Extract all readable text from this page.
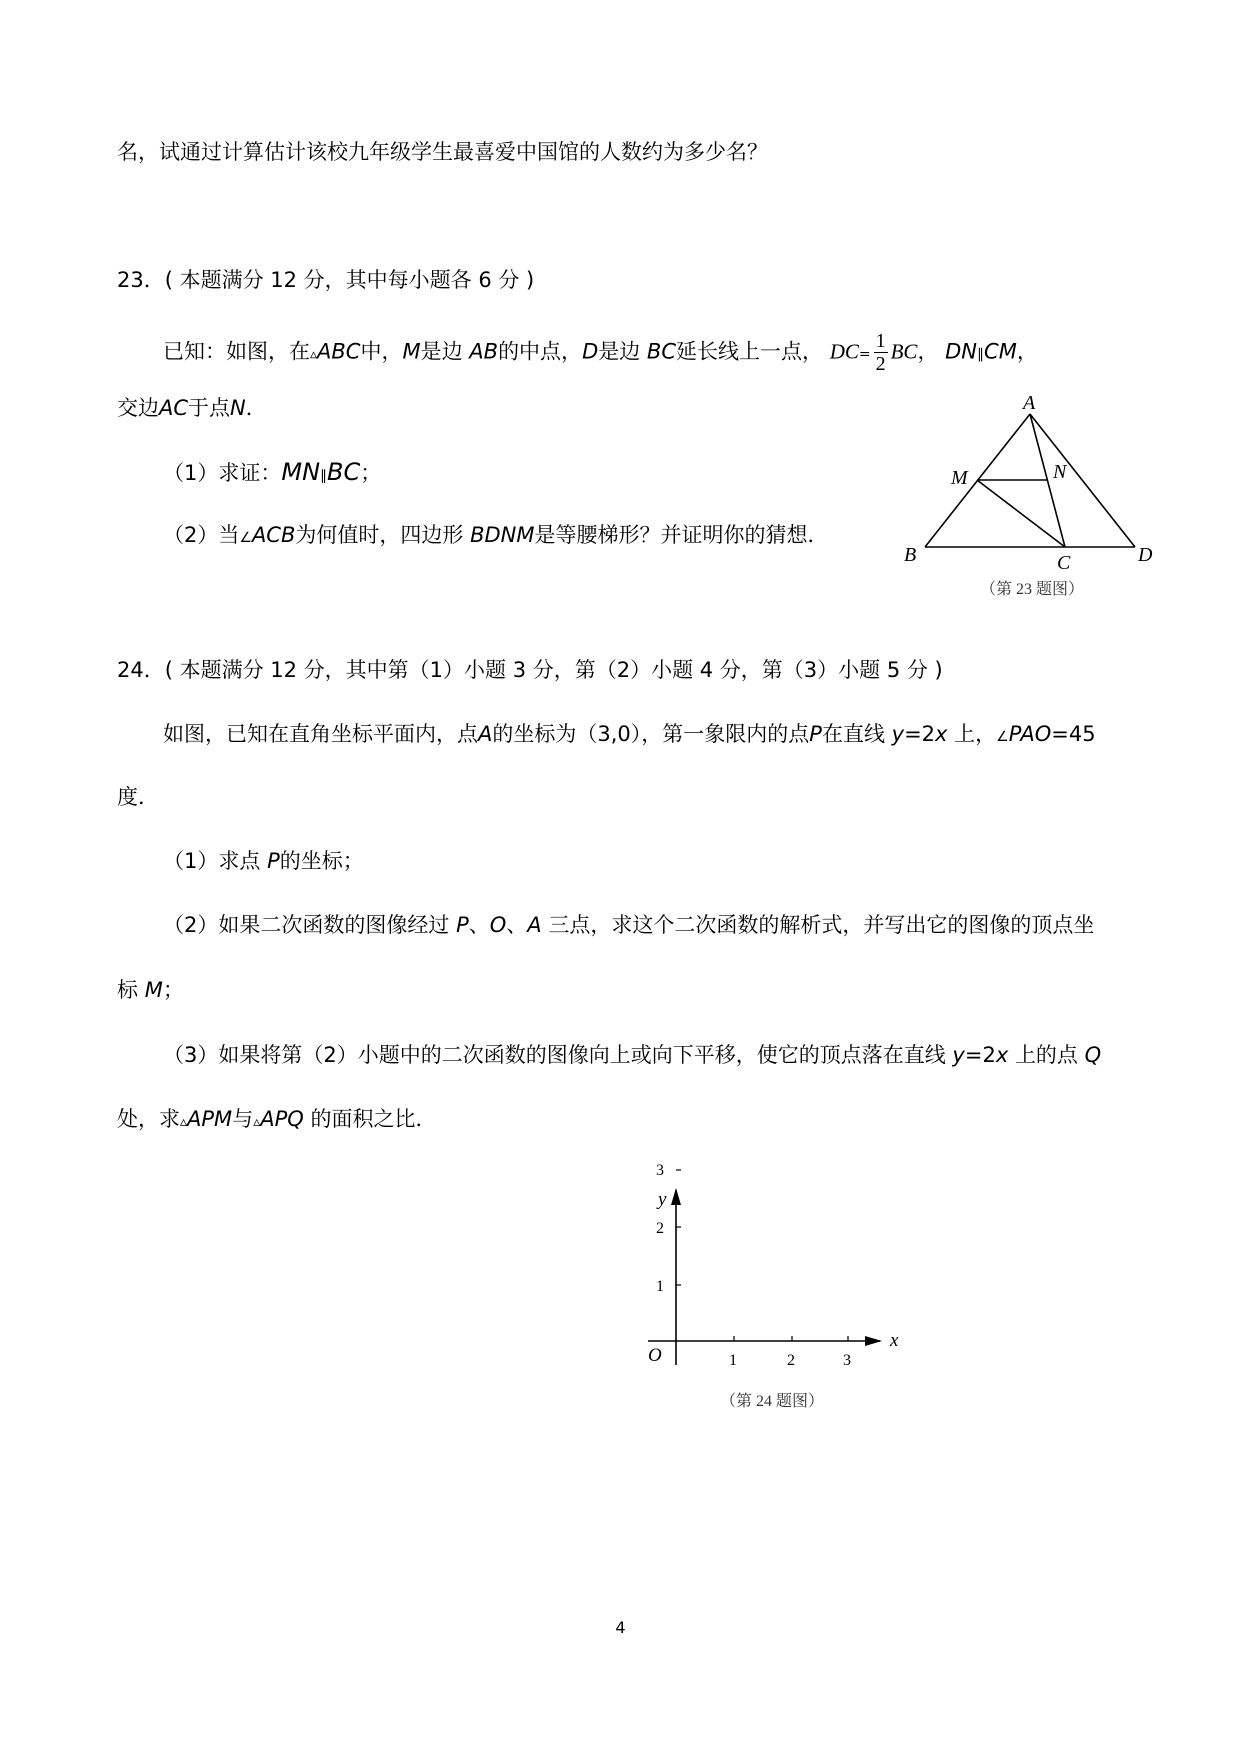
名，试通过计算估计该校九年级学生最喜爱中国馆的人数约为多少名？
23．( 本题满分 12 分，其中每小题各 6 分 )
已知：如图，在▵ABC中，M是边 AB的中点，D是边 BC延长线上一点， $DC= \frac{1}{2}$ BC， DN∥CM，
交边AC于点N．
（1）求证：MN∥BC；
（2）当∠ACB为何值时，四边形 BDNM是等腰梯形？并证明你的猜想．
A
M	N
B	C	D
（第 23 题图）
24．( 本题满分 12 分，其中第（1）小题 3 分，第（2）小题 4 分，第（3）小题 5 分 )
如图，已知在直角坐标平面内，点A的坐标为（3,0），第一象限内的点P在直线 y=2x 上，∠PAO=45
度．
（1）求点 P的坐标；
（2）如果二次函数的图像经过 P、O、A 三点，求这个二次函数的解析式，并写出它的图像的顶点坐
标 M；
（3）如果将第（2）小题中的二次函数的图像向上或向下平移，使它的顶点落在直线 y=2x 上的点 Q
处，求▵APM与▵APQ 的面积之比．
y
x
O	1	2	3
1
2
3
（第 24 题图）
4
